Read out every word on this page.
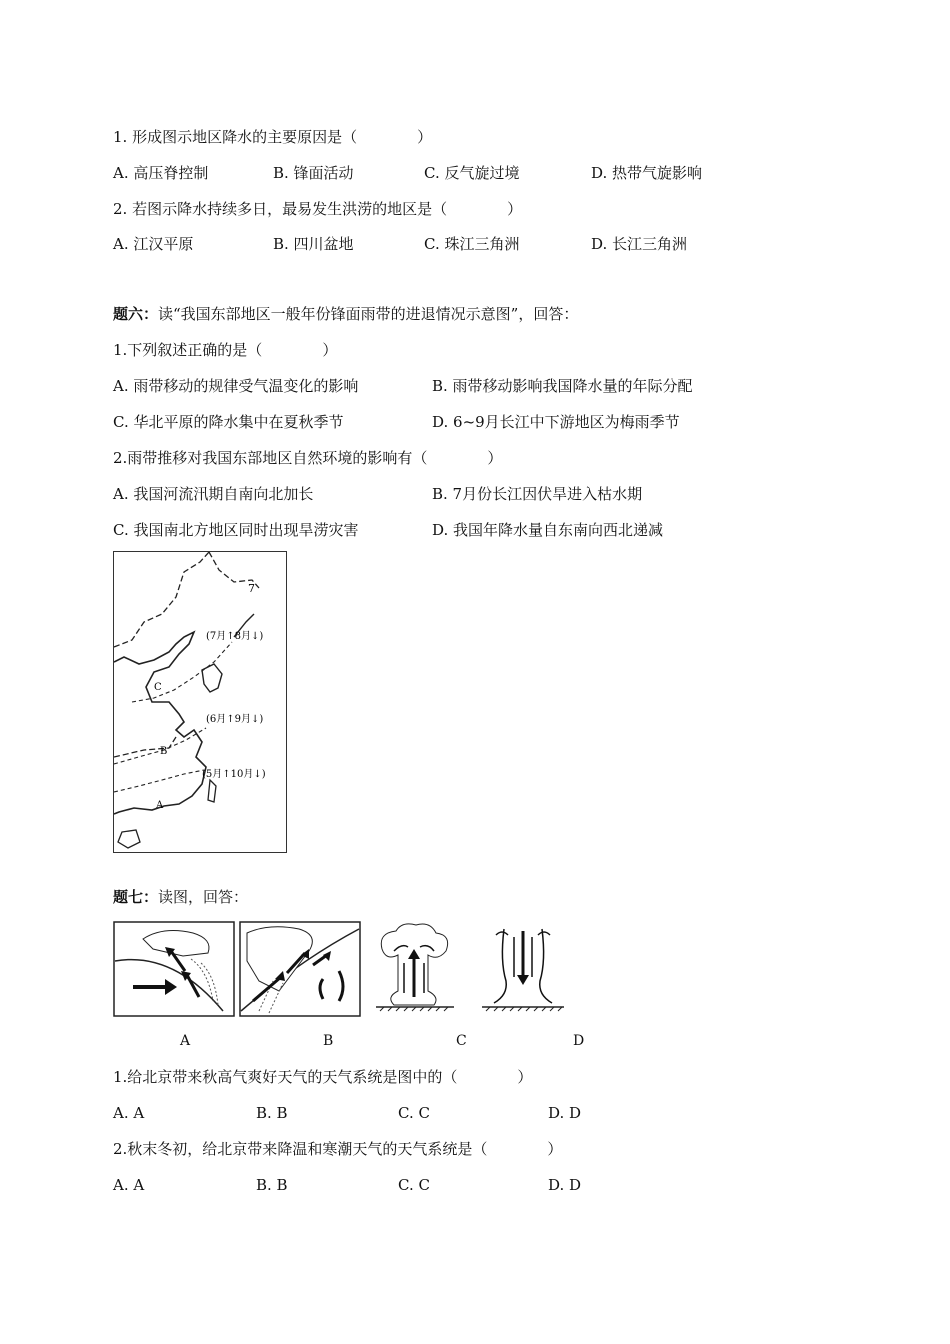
1. 形成图示地区降水的主要原因是（　　　　）
A. 高压脊控制	B. 锋面活动	C. 反气旋过境	D. 热带气旋影响
2. 若图示降水持续多日，最易发生洪涝的地区是（　　　　）
A. 江汉平原	B. 四川盆地	C. 珠江三角洲	D. 长江三角洲
题六：读“我国东部地区一般年份锋面雨带的进退情况示意图”，回答：
1.下列叙述正确的是（　　　　）
A. 雨带移动的规律受气温变化的影响	B. 雨带移动影响我国降水量的年际分配
C. 华北平原的降水集中在夏秋季节	D. 6~9月长江中下游地区为梅雨季节
2.雨带推移对我国东部地区自然环境的影响有（　　　　）
A. 我国河流汛期自南向北加长	B. 7月份长江因伏旱进入枯水期
C. 我国南北方地区同时出现旱涝灾害	D. 我国年降水量自东南向西北递减
C
B
A
7
(7月↑8月↓)
(6月↑9月↓)
(5月↑10月↓)
题七：读图，回答：
A	B	C	D
1.给北京带来秋高气爽好天气的天气系统是图中的（　　　　）
A. A	B. B	C. C	D. D
2.秋末冬初，给北京带来降温和寒潮天气的天气系统是（　　　　）
A. A	B. B	C. C	D. D
